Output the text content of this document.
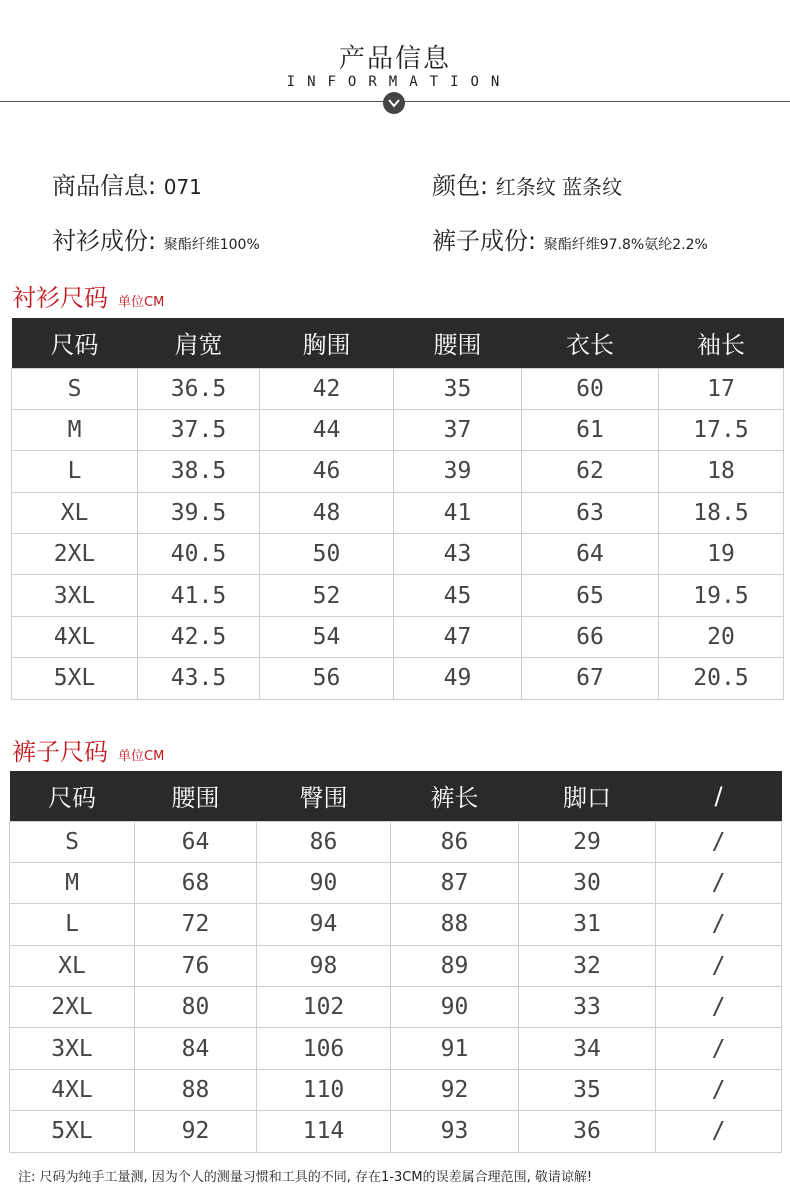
产品信息
INFORMATION
商品信息: 071	颜色: 红条纹 蓝条纹
衬衫成份: 聚酯纤维100%	裤子成份: 聚酯纤维97.8%氨纶2.2%
衬衫尺码 单位CM
尺码	肩宽	胸围	腰围	衣长	袖长
S	36.5	42	35	60	17
M	37.5	44	37	61	17.5
L	38.5	46	39	62	18
XL	39.5	48	41	63	18.5
2XL	40.5	50	43	64	19
3XL	41.5	52	45	65	19.5
4XL	42.5	54	47	66	20
5XL	43.5	56	49	67	20.5
裤子尺码 单位CM
尺码	腰围	臀围	裤长	脚口	/
S	64	86	86	29	/
M	68	90	87	30	/
L	72	94	88	31	/
XL	76	98	89	32	/
2XL	80	102	90	33	/
3XL	84	106	91	34	/
4XL	88	110	92	35	/
5XL	92	114	93	36	/
注: 尺码为纯手工量测, 因为个人的测量习惯和工具的不同, 存在1-3CM的误差属合理范围, 敬请谅解!
